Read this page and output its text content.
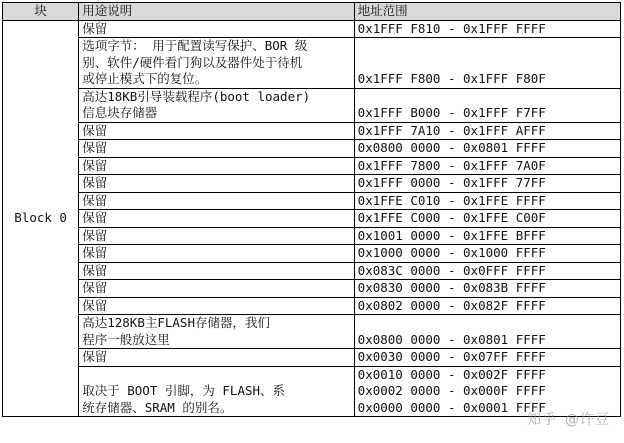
块	用途说明	地址范围
Block 0	保留	0x1FFF F810 - 0x1FFF FFFF

	选项字节： 用于配置读写保护、BOR 级
别、软件/硬件看门狗以及器件处于待机
或停止模式下的复位。	0x1FFF F800 - 0x1FFF F80F

	高达18KB引导装载程序(boot loader)
信息块存储器	0x1FFF B000 - 0x1FFF F7FF

	保留	0x1FFF 7A10 - 0x1FFF AFFF

	保留	0x0800 0000 - 0x0801 FFFF

	保留	0x1FFF 7800 - 0x1FFF 7A0F

	保留	0x1FFF 0000 - 0x1FFF 77FF

	保留	0x1FFE C010 - 0x1FFE FFFF

	保留	0x1FFE C000 - 0x1FFE C00F

	保留	0x1001 0000 - 0x1FFE BFFF

	保留	0x1000 0000 - 0x1000 FFFF

	保留	0x083C 0000 - 0x0FFF FFFF

	保留	0x0830 0000 - 0x083B FFFF

	保留	0x0802 0000 - 0x082F FFFF

	高达128KB主FLASH存储器，我们
程序一般放这里	0x0800 0000 - 0x0801 FFFF

	保留	0x0030 0000 - 0x07FF FFFF

	取决于 BOOT 引脚，为 FLASH、系
统存储器、SRAM 的别名。	0x0010 0000 - 0x002F FFFF
0x0002 0000 - 0x000F FFFF
0x0000 0000 - 0x0001 FFFF
知乎 @许豆
